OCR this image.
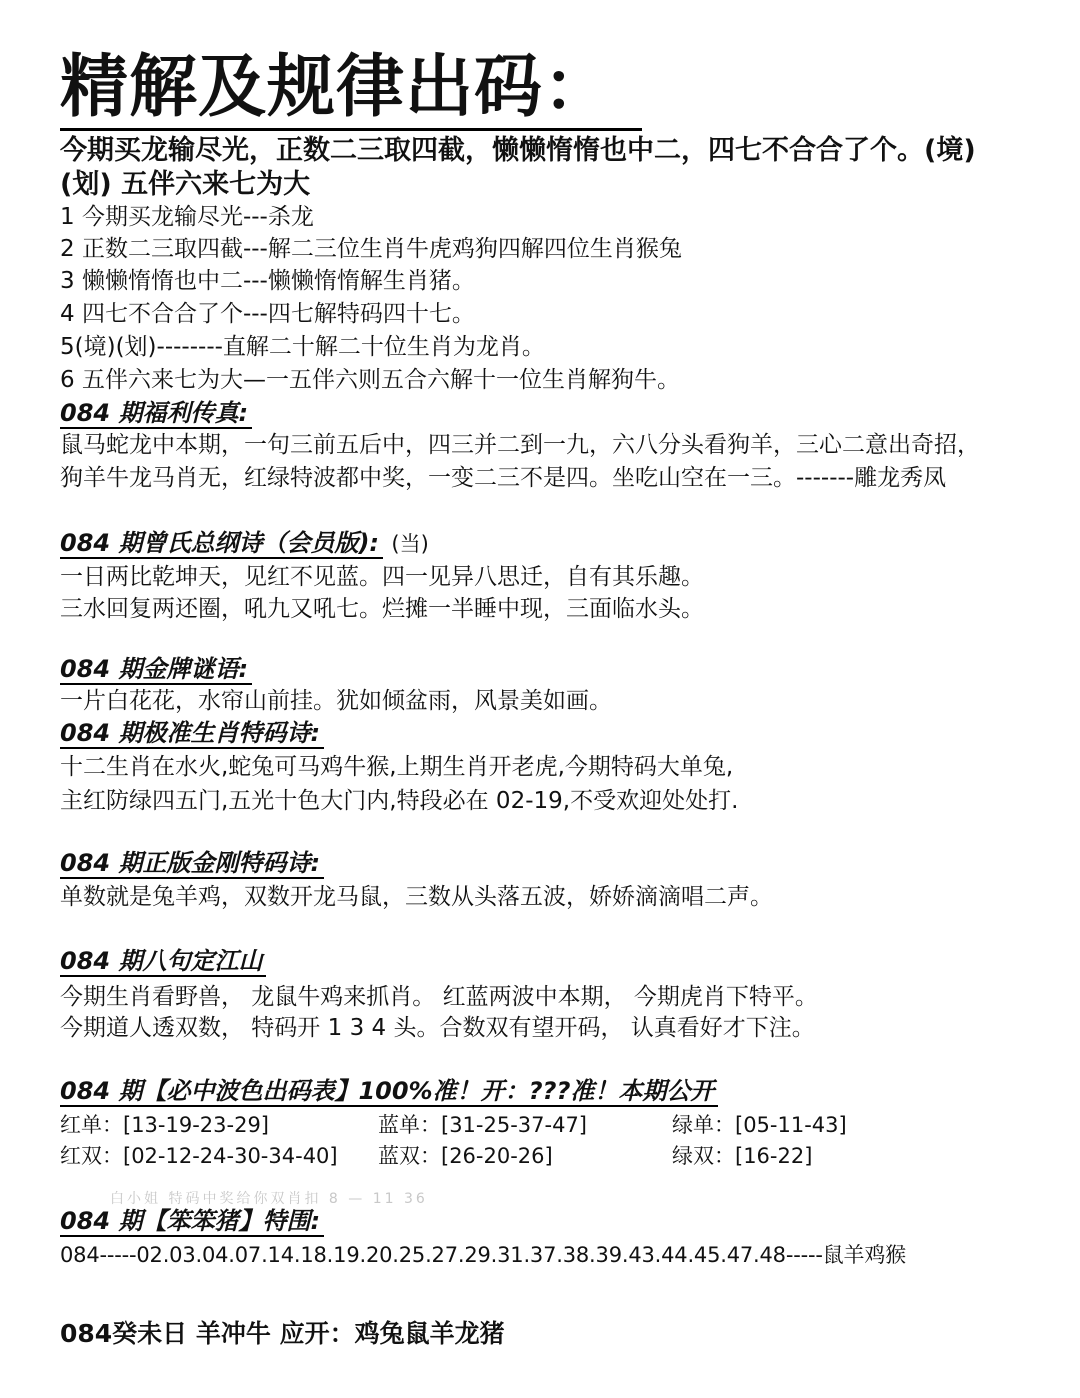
精解及规律出码：
今期买龙输尽光，正数二三取四截，懒懒惰惰也中二，四七不合合了个。(境)
(划) 五伴六来七为大
1 今期买龙输尽光---杀龙
2 正数二三取四截---解二三位生肖牛虎鸡狗四解四位生肖猴兔
3 懒懒惰惰也中二---懒懒惰惰解生肖猪。
4 四七不合合了个---四七解特码四十七。
5(境)(划)--------直解二十解二十位生肖为龙肖。
6 五伴六来七为大—一五伴六则五合六解十一位生肖解狗牛。
084 期福利传真:
鼠马蛇龙中本期，一句三前五后中，四三并二到一九，六八分头看狗羊，三心二意出奇招，
狗羊牛龙马肖无，红绿特波都中奖，一变二三不是四。坐吃山空在一三。-------雕龙秀凤
084 期曾氏总纲诗（会员版): (当)
一日两比乾坤天，见红不见蓝。四一见异八思迁，自有其乐趣。
三水回复两还圈，吼九又吼七。烂摊一半睡中现，三面临水头。
084 期金牌谜语:
一片白花花，水帘山前挂。犹如倾盆雨，风景美如画。
084 期极准生肖特码诗:
十二生肖在水火,蛇兔可马鸡牛猴,上期生肖开老虎,今期特码大单兔,
主红防绿四五门,五光十色大门内,特段必在 02-19,不受欢迎处处打.
084 期正版金刚特码诗:
单数就是兔羊鸡，双数开龙马鼠，三数从头落五波，娇娇滴滴唱二声。
084 期八句定江山
今期生肖看野兽， 龙鼠牛鸡来抓肖。 红蓝两波中本期， 今期虎肖下特平。
今期道人透双数， 特码开 1 3 4 头。合数双有望开码， 认真看好才下注。
084 期【必中波色出码表】100%准！开：???准！本期公开
红单：[13-19-23-29]	蓝单：[31-25-37-47]	绿单：[05-11-43]
红双：[02-12-24-30-34-40] 蓝双：[26-20-26]	绿双：[16-22]
白小姐 特码中奖给你双肖扣 8 — 11 36
084 期【笨笨猪】特围:
084-----02.03.04.07.14.18.19.20.25.27.29.31.37.38.39.43.44.45.47.48-----鼠羊鸡猴
084癸未日 羊冲牛 应开：鸡兔鼠羊龙猪
